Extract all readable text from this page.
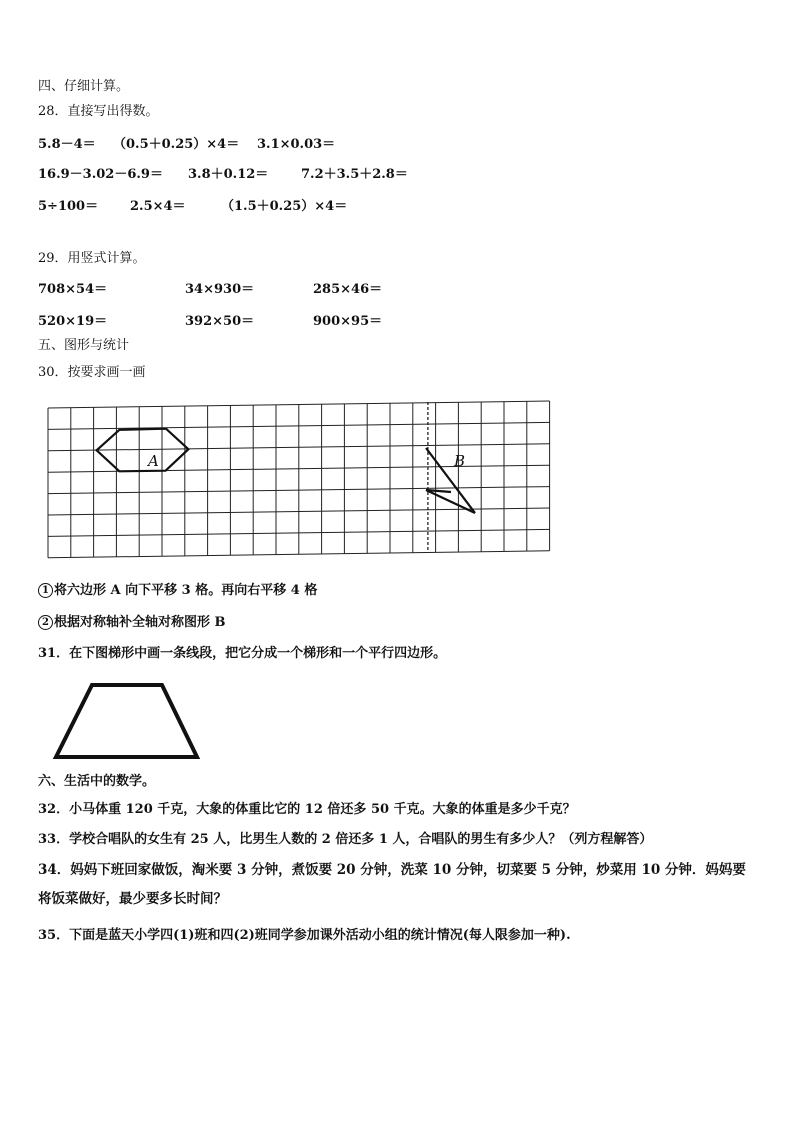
四、仔细计算。
28．直接写出得数。
5.8－4＝ （0.5＋0.25）×4＝ 3.1×0.03＝
16.9－3.02－6.9＝ 3.8＋0.12＝	7.2＋3.5＋2.8＝
5÷100＝ 2.5×4＝	（1.5＋0.25）×4＝
29．用竖式计算。
708×54＝	34×930＝	285×46＝
520×19＝	392×50＝	900×95＝
五、图形与统计
30．按要求画一画
A	B
1 将六边形 A 向下平移 3 格。再向右平移 4 格
2 根据对称轴补全轴对称图形 B
31．在下图梯形中画一条线段，把它分成一个梯形和一个平行四边形。
六、生活中的数学。
32．小马体重 120 千克，大象的体重比它的 12 倍还多 50 千克。大象的体重是多少千克？
33．学校合唱队的女生有 25 人，比男生人数的 2 倍还多 1 人，合唱队的男生有多少人？（列方程解答）
34．妈妈下班回家做饭，淘米要 3 分钟，煮饭要 20 分钟，洗菜 10 分钟，切菜要 5 分钟，炒菜用 10 分钟．妈妈要将饭菜做好，最少要多长时间？
35．下面是蓝天小学四(1)班和四(2)班同学参加课外活动小组的统计情况(每人限参加一种).
